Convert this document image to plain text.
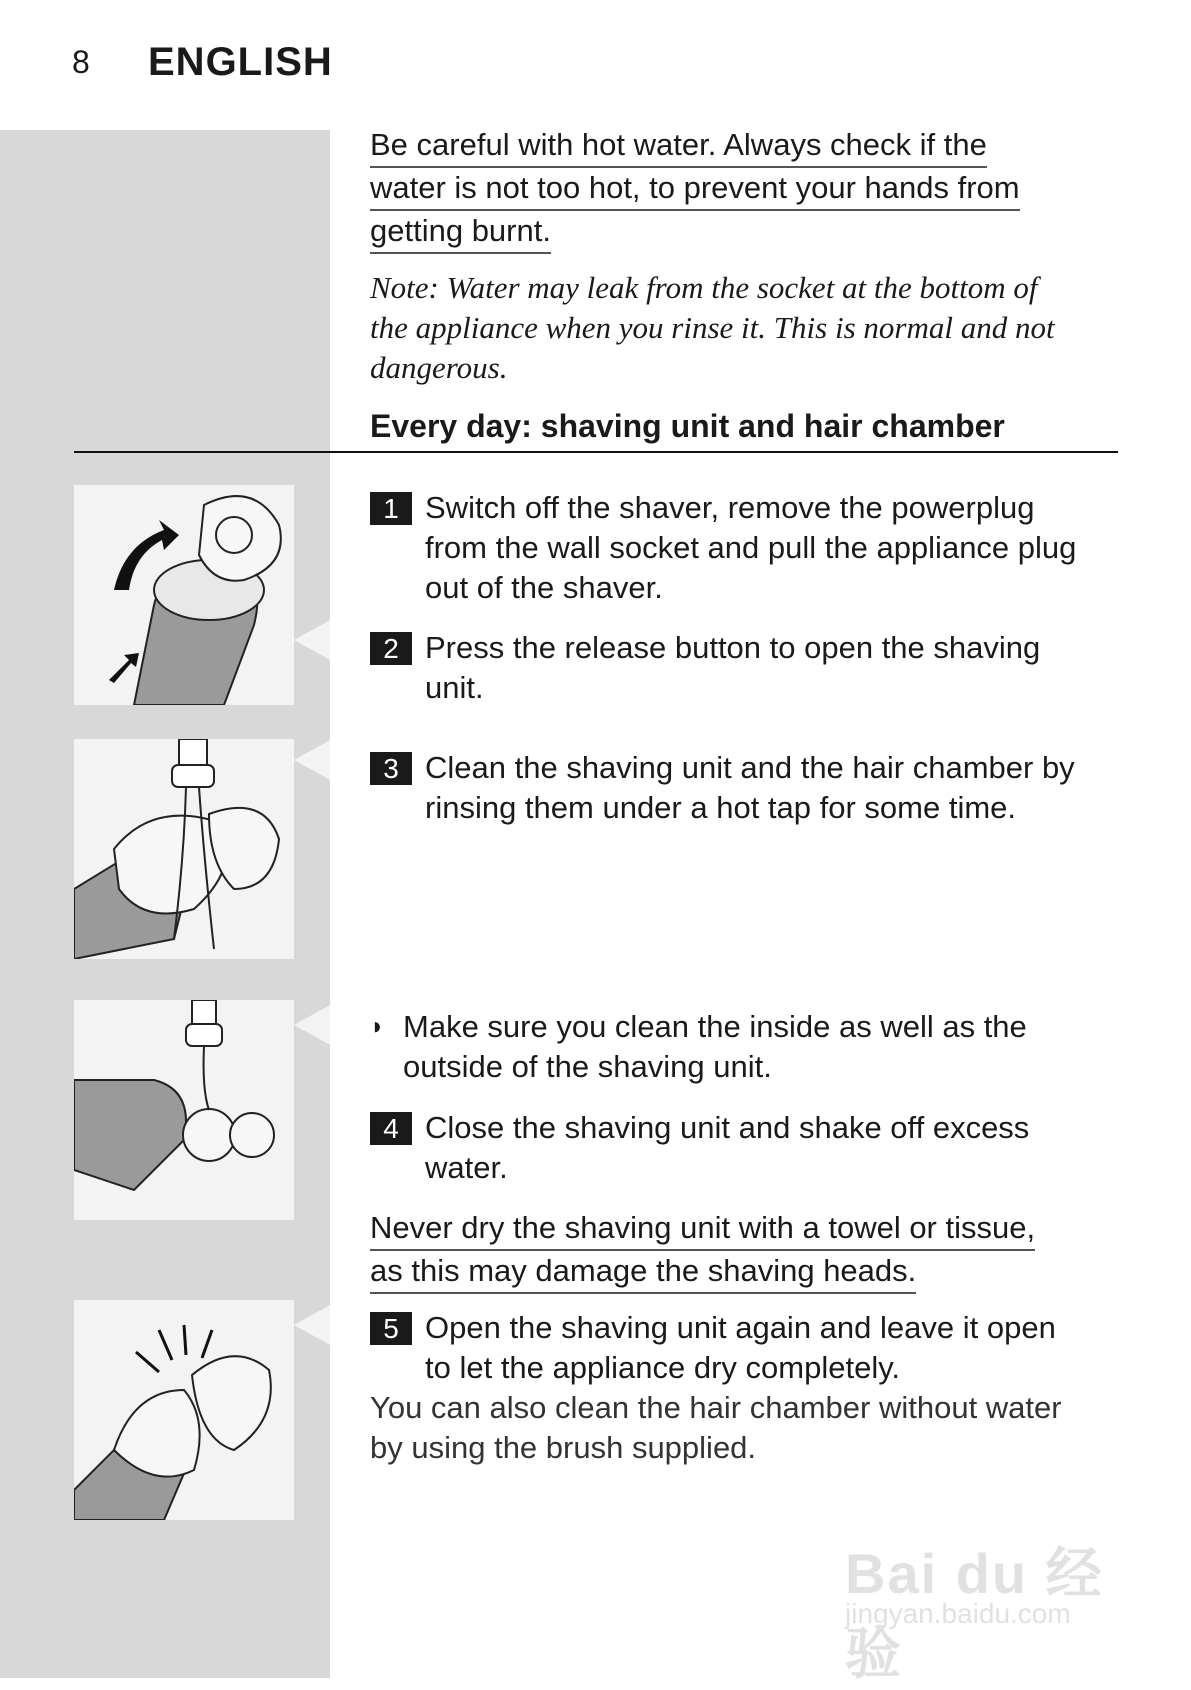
8 ENGLISH
Be careful with hot water. Always check if the
water is not too hot, to prevent your hands from
getting burnt.
Note: Water may leak from the socket at the bottom of
the appliance when you rinse it. This is normal and not
dangerous.
Every day: shaving unit and hair chamber
1 Switch off the shaver, remove the powerplug
from the wall socket and pull the appliance plug
out of the shaver.
2 Press the release button to open the shaving
unit.
3 Clean the shaving unit and the hair chamber by
rinsing them under a hot tap for some time.
◗ Make sure you clean the inside as well as the
outside of the shaving unit.
4 Close the shaving unit and shake off excess
water.
Never dry the shaving unit with a towel or tissue,
as this may damage the shaving heads.
5 Open the shaving unit again and leave it open
to let the appliance dry completely.
You can also clean the hair chamber without water
by using the brush supplied.
Bai du 经验
jingyan.baidu.com
